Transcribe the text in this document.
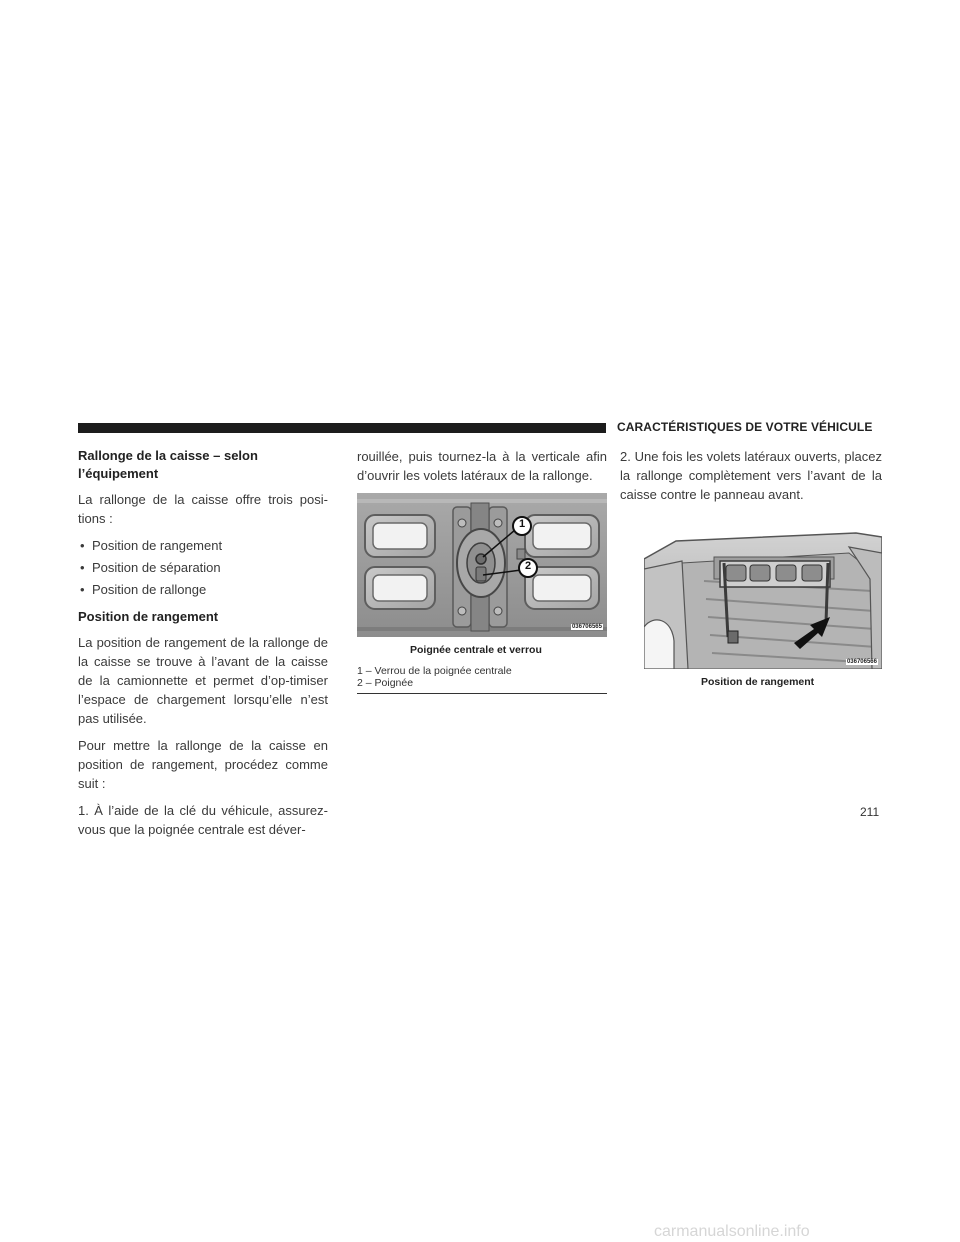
CARACTÉRISTIQUES DE VOTRE VÉHICULE
Rallonge de la caisse – selon l’équipement

La rallonge de la caisse offre trois posi-tions :

• Position de rangement
• Position de séparation
• Position de rallonge
Position de rangement

La position de rangement de la rallonge de la caisse se trouve à l’avant de la caisse de la camionnette et permet d’op-timiser l’espace de chargement lorsqu’elle n’est pas utilisée.

Pour mettre la rallonge de la caisse en position de rangement, procédez comme suit :

1. À l’aide de la clé du véhicule, assurez-vous que la poignée centrale est déver-

rouillée, puis tournez-la à la verticale afin d’ouvrir les volets latéraux de la rallonge.

1
2
036706565
Poignée centrale et verrou
1 – Verrou de la poignée centrale
2 – Poignée

2. Une fois les volets latéraux ouverts, placez la rallonge complètement vers l’avant de la caisse contre le panneau avant.

036706566
Position de rangement
211
carmanualsonline.info
